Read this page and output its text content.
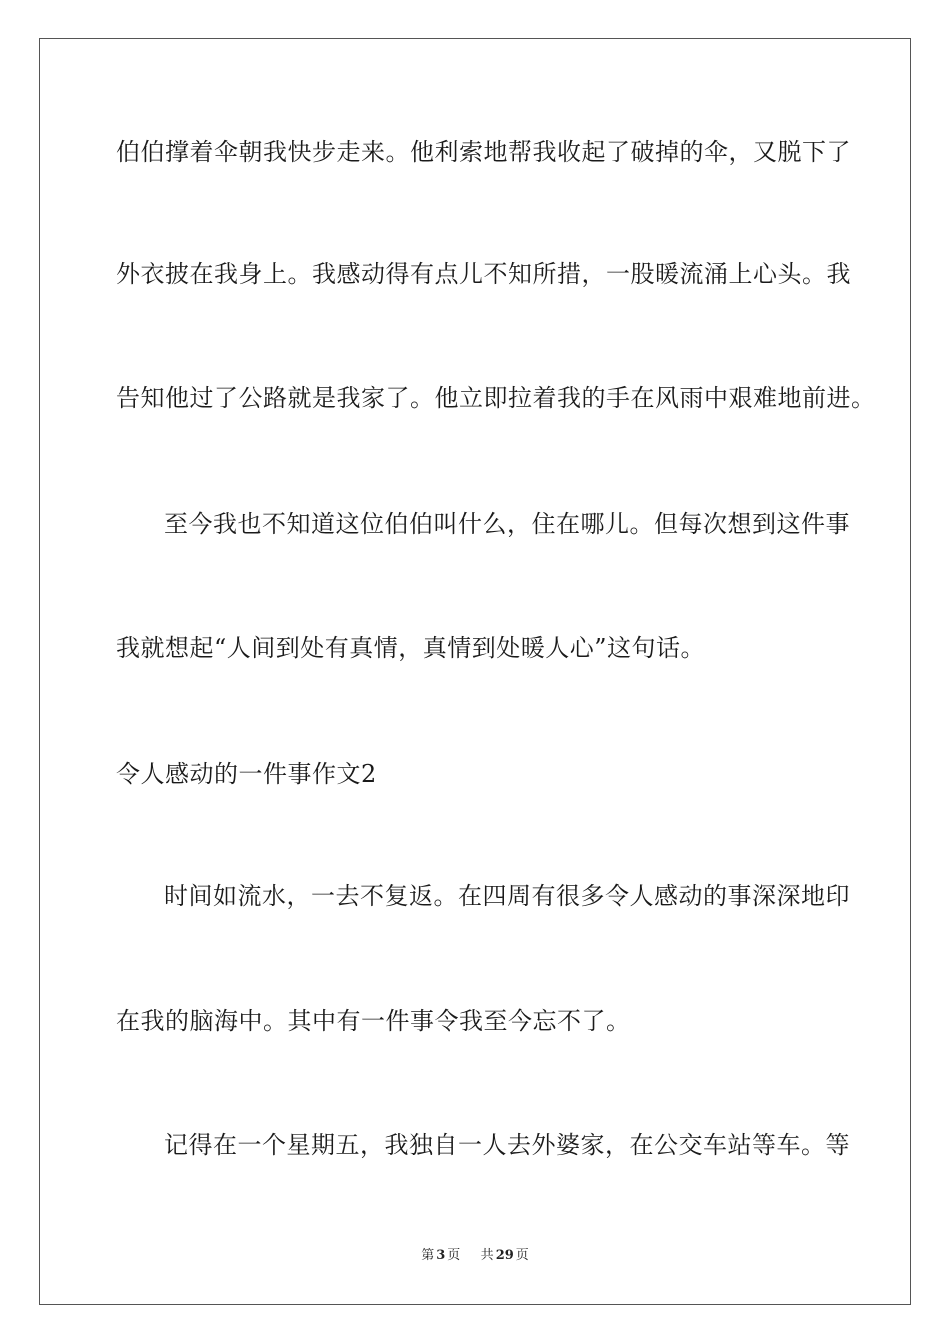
伯伯撑着伞朝我快步走来。他利索地帮我收起了破掉的伞，又脱下了
外衣披在我身上。我感动得有点儿不知所措，一股暖流涌上心头。我
告知他过了公路就是我家了。他立即拉着我的手在风雨中艰难地前进。
至今我也不知道这位伯伯叫什么，住在哪儿。但每次想到这件事
我就想起“人间到处有真情，真情到处暖人心”这句话。
令人感动的一件事作文2
时间如流水，一去不复返。在四周有很多令人感动的事深深地印
在我的脑海中。其中有一件事令我至今忘不了。
记得在一个星期五，我独自一人去外婆家，在公交车站等车。等
第 3 页 共 29 页
